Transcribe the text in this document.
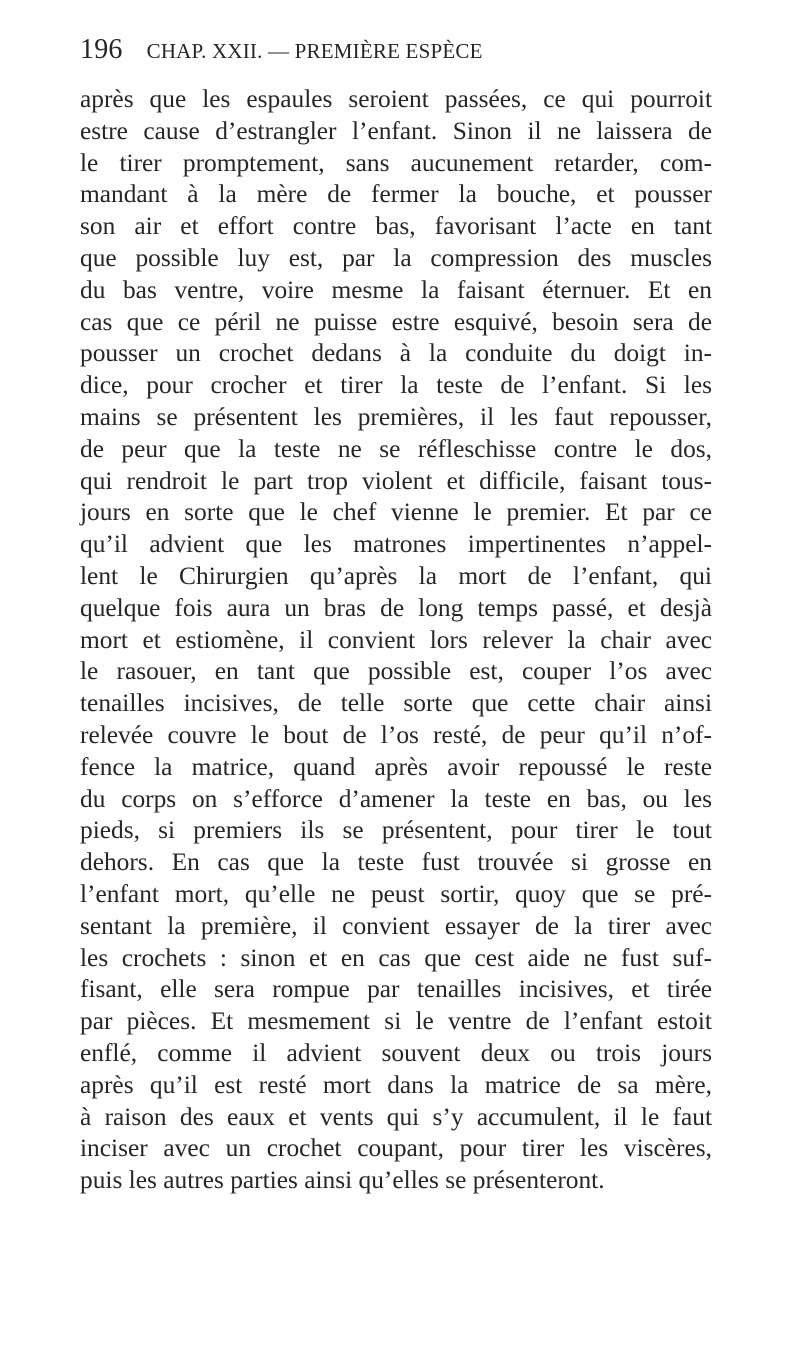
196 CHAP. XXII. — PREMIÈRE ESPÈCE
après que les espaules seroient passées, ce qui pourroit
estre cause d’estrangler l’enfant. Sinon il ne laissera de
le tirer promptement, sans aucunement retarder, com-
mandant à la mère de fermer la bouche, et pousser
son air et effort contre bas, favorisant l’acte en tant
que possible luy est, par la compression des muscles
du bas ventre, voire mesme la faisant éternuer. Et en
cas que ce péril ne puisse estre esquivé, besoin sera de
pousser un crochet dedans à la conduite du doigt in-
dice, pour crocher et tirer la teste de l’enfant. Si les
mains se présentent les premières, il les faut repousser,
de peur que la teste ne se réfleschisse contre le dos,
qui rendroit le part trop violent et difficile, faisant tous-
jours en sorte que le chef vienne le premier. Et par ce
qu’il advient que les matrones impertinentes n’appel-
lent le Chirurgien qu’après la mort de l’enfant, qui
quelque fois aura un bras de long temps passé, et desjà
mort et estiomène, il convient lors relever la chair avec
le rasouer, en tant que possible est, couper l’os avec
tenailles incisives, de telle sorte que cette chair ainsi
relevée couvre le bout de l’os resté, de peur qu’il n’of-
fence la matrice, quand après avoir repoussé le reste
du corps on s’efforce d’amener la teste en bas, ou les
pieds, si premiers ils se présentent, pour tirer le tout
dehors. En cas que la teste fust trouvée si grosse en
l’enfant mort, qu’elle ne peust sortir, quoy que se pré-
sentant la première, il convient essayer de la tirer avec
les crochets : sinon et en cas que cest aide ne fust suf-
fisant, elle sera rompue par tenailles incisives, et tirée
par pièces. Et mesmement si le ventre de l’enfant estoit
enflé, comme il advient souvent deux ou trois jours
après qu’il est resté mort dans la matrice de sa mère,
à raison des eaux et vents qui s’y accumulent, il le faut
inciser avec un crochet coupant, pour tirer les viscères,
puis les autres parties ainsi qu’elles se présenteront.
